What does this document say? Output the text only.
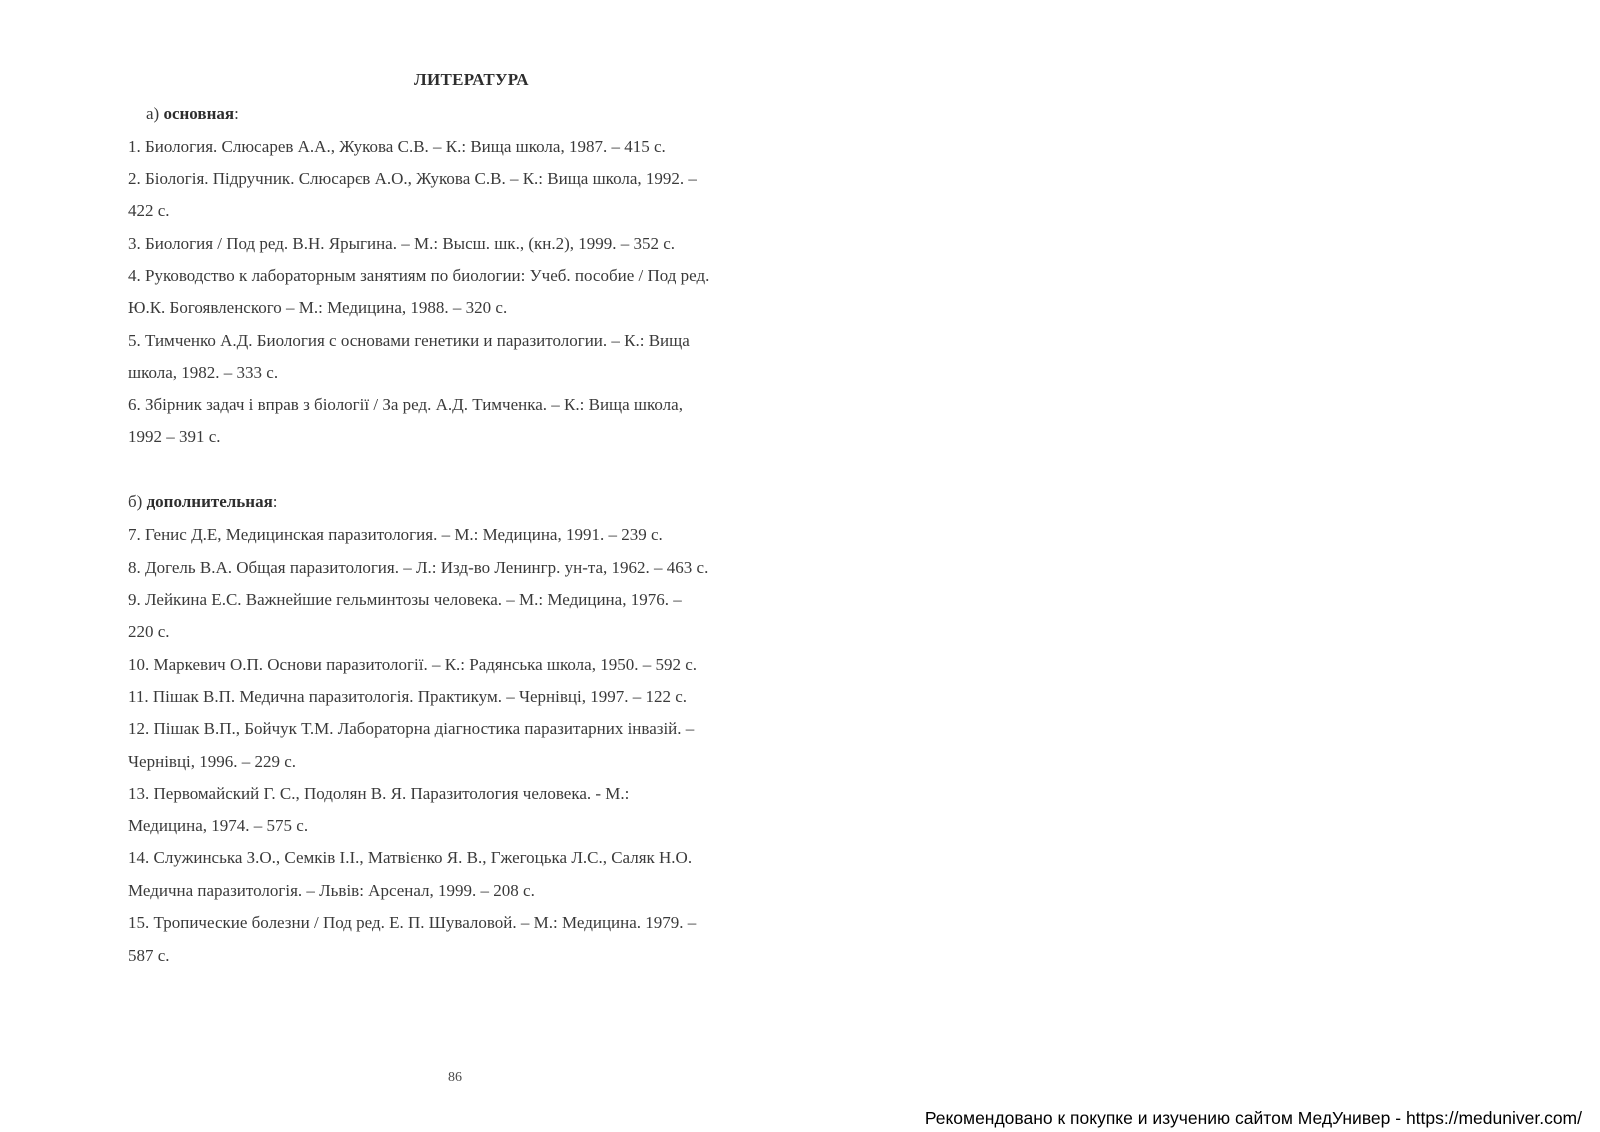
ЛИТЕРАТУРА
а) основная:
1. Биология. Слюсарев А.А., Жукова С.В. – К.: Вища школа, 1987. – 415 с.
2. Біологія. Підручник. Слюсарєв А.О., Жукова С.В. – К.: Вища школа, 1992. –
422 с.
3. Биология / Под ред. В.Н. Ярыгина. – М.: Высш. шк., (кн.2), 1999. – 352 с.
4. Руководство к лабораторным занятиям по биологии: Учеб. пособие / Под ред.
Ю.К. Богоявленского – М.: Медицина, 1988. – 320 с.
5. Тимченко А.Д. Биология с основами генетики и паразитологии. – К.: Вища
школа, 1982. – 333 с.
6. Збірник задач і вправ з біології / За ред. А.Д. Тимченка. – К.: Вища школа,
1992 – 391 с.
б) дополнительная:
7. Генис Д.Е, Медицинская паразитология. – М.: Медицина, 1991. – 239 с.
8. Догель В.А. Общая паразитология. – Л.: Изд-во Ленингр. ун-та, 1962. – 463 с.
9. Лейкина Е.С. Важнейшие гельминтозы человека. – М.: Медицина, 1976. –
220 с.
10. Маркевич О.П. Основи паразитології. – К.: Радянська школа, 1950. – 592 с.
11. Пішак В.П. Медична паразитологія. Практикум. – Чернівці, 1997. – 122 с.
12. Пішак В.П., Бойчук Т.М. Лабораторна діагностика паразитарних інвазій. –
Чернівці, 1996. – 229 с.
13. Первомайский Г. С., Подолян В. Я. Паразитология человека. - М.:
Медицина, 1974. – 575 с.
14. Служинська З.О., Семків І.І., Матвієнко Я. В., Гжегоцька Л.С., Саляк Н.О.
Медична паразитологія. – Львів: Арсенал, 1999. – 208 с.
15. Тропические болезни / Под ред. Е. П. Шуваловой. – М.: Медицина. 1979. –
587 с.
86
Рекомендовано к покупке и изучению сайтом МедУнивер - https://meduniver.com/
